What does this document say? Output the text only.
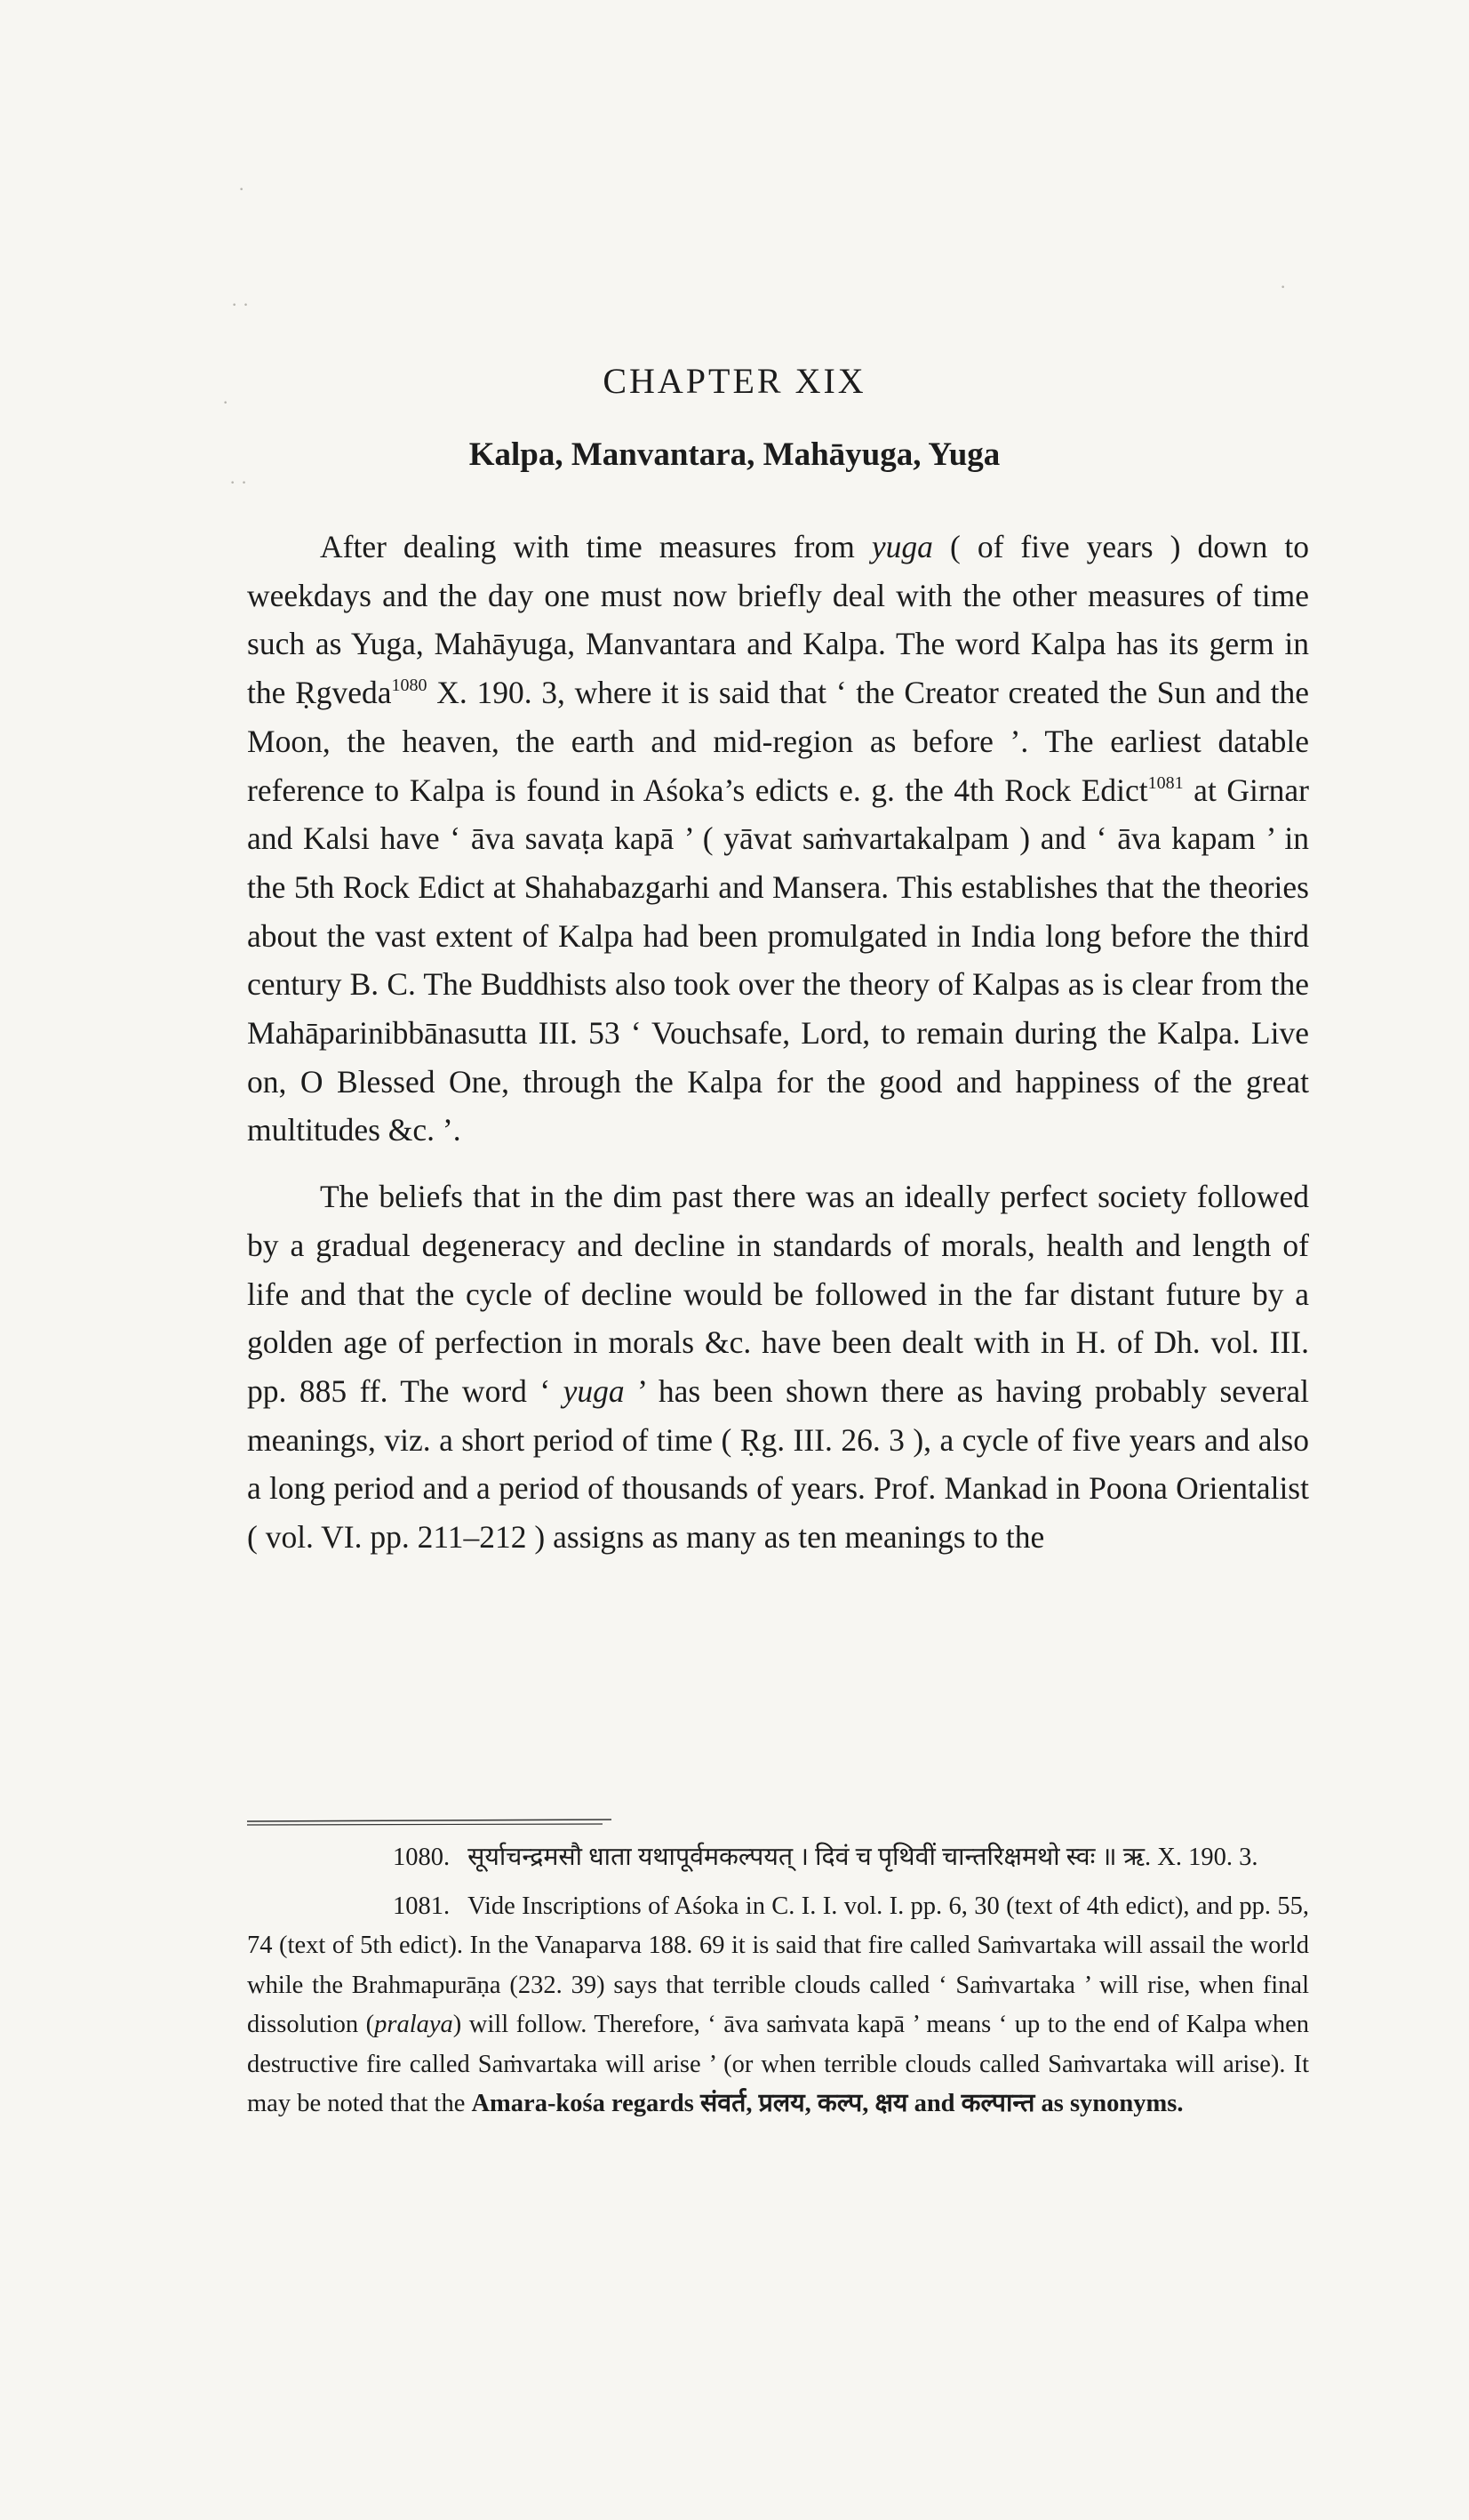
·
· ·
·
· ·
·
CHAPTER XIX
Kalpa, Manvantara, Mahāyuga, Yuga

After dealing with time measures from yuga ( of five years ) down to weekdays and the day one must now briefly deal with the other measures of time such as Yuga, Mahāyuga, Manvantara and Kalpa. The word Kalpa has its germ in the Ṛgveda$^{1080}$ X. 190. 3, where it is said that ‘ the Creator created the Sun and the Moon, the heaven, the earth and mid-region as before ’. The earliest datable reference to Kalpa is found in Aśoka’s edicts e. g. the 4th Rock Edict$^{1081}$ at Girnar and Kalsi have ‘ āva savaṭa kapā ’ ( yāvat saṁvartakalpam ) and ‘ āva kapam ’ in the 5th Rock Edict at Shahabazgarhi and Mansera. This establishes that the theories about the vast extent of Kalpa had been promulgated in India long before the third century B. C. The Buddhists also took over the theory of Kalpas as is clear from the Mahāparinibbānasutta III. 53 ‘ Vouchsafe, Lord, to remain during the Kalpa. Live on, O Blessed One, through the Kalpa for the good and happiness of the great multitudes &c. ’.

The beliefs that in the dim past there was an ideally perfect society followed by a gradual degeneracy and decline in standards of morals, health and length of life and that the cycle of decline would be followed in the far distant future by a golden age of perfection in morals &c. have been dealt with in H. of Dh. vol. III. pp. 885 ff. The word ‘ yuga ’ has been shown there as having probably several meanings, viz. a short period of time ( Ṛg. III. 26. 3 ), a cycle of five years and also a long period and a period of thousands of years. Prof. Mankad in Poona Orientalist ( vol. VI. pp. 211–212 ) assigns as many as ten meanings to the

1080. सूर्याचन्द्रमसौ धाता यथापूर्वमकल्पयत् । दिवं च पृथिवीं चान्तरिक्षमथो स्वः ॥ ऋ. X. 190. 3.

1081. Vide Inscriptions of Aśoka in C. I. I. vol. I. pp. 6, 30 (text of 4th edict), and pp. 55, 74 (text of 5th edict). In the Vanaparva 188. 69 it is said that fire called Saṁvartaka will assail the world while the Brahmapurāṇa (232. 39) says that terrible clouds called ‘ Saṁvartaka ’ will rise, when final dissolution (pralaya) will follow. Therefore, ‘ āva saṁvata kapā ’ means ‘ up to the end of Kalpa when destructive fire called Saṁvartaka will arise ’ (or when terrible clouds called Saṁvartaka will arise). It may be noted that the Amara-kośa regards संवर्त, प्रलय, कल्प, क्षय and कल्पान्त as synonyms.
